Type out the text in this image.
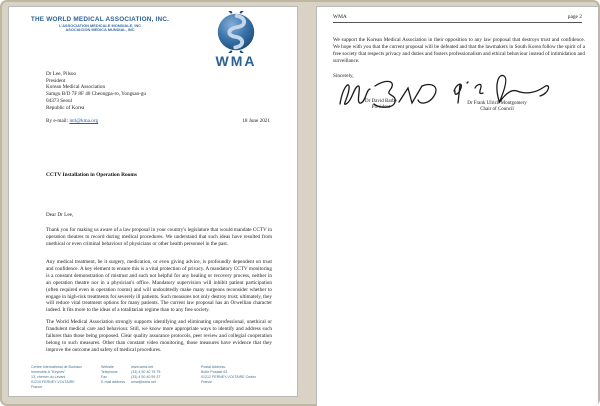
THE WORLD MEDICAL ASSOCIATION, INC.
L'ASSOCIATION MEDICALE MONDIALE, INC
ASOCIACION MEDICA MUNDIAL, INC
WMA
Dr Lee, Pilsoo
President
Korean Medical Association
Samgu B/D 7F 8F 40 Cheongpa-ro, Yongsan-gu
04373 Seoul
Republic of Korea
By e-mail: intl@kma.org	18 June 2021
CCTV Installation in Operation Rooms
Dear Dr Lee,
Thank you for making us aware of a law proposal in your country's legislature that would mandate CCTV in operation theatres to record during medical procedures. We understand that such ideas have resulted from unethical or even criminal behaviour of physicians or other health personnel in the past.
Any medical treatment, be it surgery, medication, or even giving advice, is profoundly dependent on trust and confidence. A key element to ensure this is a vital protection of privacy. A mandatory CCTV monitoring is a constant demonstration of mistrust and such not helpful for any healing or recovery process, neither in an operation theatre nor in a physician's office. Mandatory supervision will inhibit patient participation (often required even in operation rooms) and will undoubtedly make many surgeons reconsider whether to engage in high-risk treatments for severely ill patients. Such measures not only destroy trust; ultimately, they will reduce vital treatment options for many patients. The current law proposal has an Orwellian character indeed. It fits more to the ideas of a totalitarian regime than to any free society.
The World Medical Association strongly supports identifying and eliminating unprofessional, unethical or fraudulent medical care and behaviour. Still, we know more appropriate ways to identify and address such failures than those being proposed. Clear quality assurance protocols, peer review and collegial cooperation belong to such measures. Other than constant video monitoring, those measures have evidence that they improve the outcome and safety of medical procedures.
Centre International de Bureaux
Immeuble A "Keynes"
13, chemin du Levant
01210 FERNEY-VOLTAIRE
France
Website	www.wma.net
Telephone	(33) 4 50 40 75 75
Fax	(33) 4 50 40 59 37
E-mail address wma@wma.net
Postal Address:
Boîte Postale 63
01212 FERNEY-VOLTAIRE Cedex
France
WMA	page 2
We support the Korean Medical Association in their opposition to any law proposal that destroys trust and confidence. We hope with you that the current proposal will be defeated and that the lawmakers in South Korea follow the spirit of a free society that respects privacy and duties and fosters professionalism and ethical behaviour instead of intimidation and surveillance.
Sincerely,
Dr David Barbe
President
Dr Frank Ulrich Montgomery
Chair of Council
